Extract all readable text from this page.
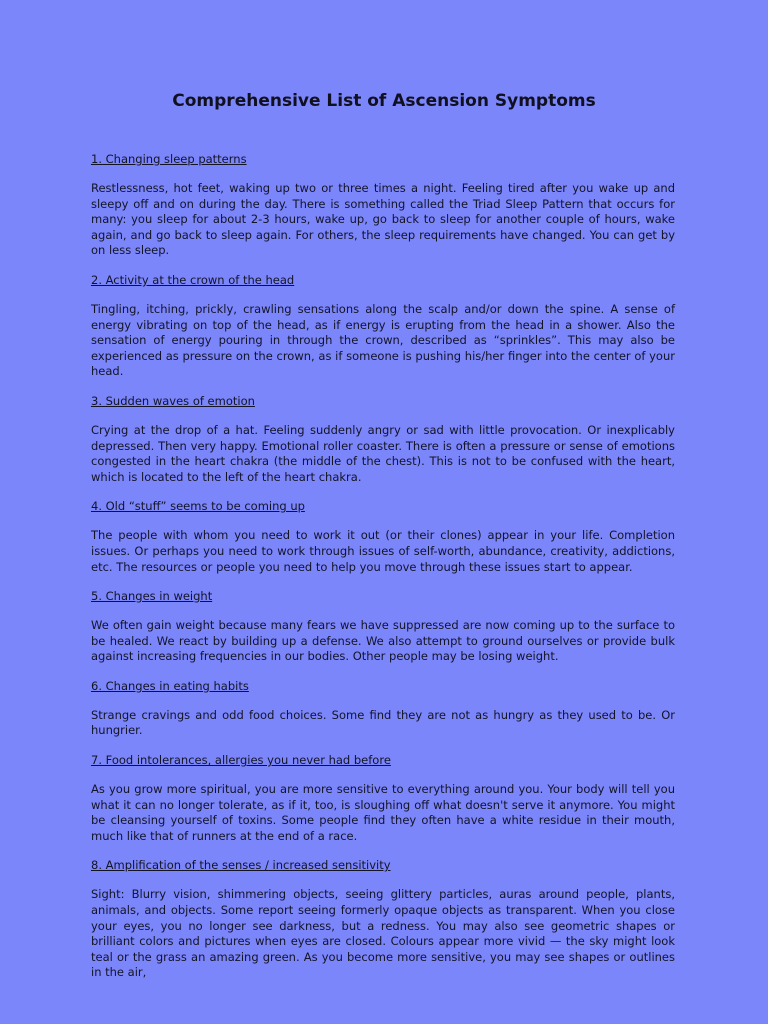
Comprehensive List of Ascension Symptoms

1. Changing sleep patterns

Restlessness, hot feet, waking up two or three times a night. Feeling tired after you wake up and sleepy off and on during the day. There is something called the Triad Sleep Pattern that occurs for many: you sleep for about 2-3 hours, wake up, go back to sleep for another couple of hours, wake again, and go back to sleep again. For others, the sleep requirements have changed. You can get by on less sleep.

2. Activity at the crown of the head

Tingling, itching, prickly, crawling sensations along the scalp and/or down the spine. A sense of energy vibrating on top of the head, as if energy is erupting from the head in a shower. Also the sensation of energy pouring in through the crown, described as “sprinkles”. This may also be experienced as pressure on the crown, as if someone is pushing his/her finger into the center of your head.

3. Sudden waves of emotion

Crying at the drop of a hat. Feeling suddenly angry or sad with little provocation. Or inexplicably depressed. Then very happy. Emotional roller coaster. There is often a pressure or sense of emotions congested in the heart chakra (the middle of the chest). This is not to be confused with the heart, which is located to the left of the heart chakra.

4. Old “stuff” seems to be coming up

The people with whom you need to work it out (or their clones) appear in your life. Completion issues. Or perhaps you need to work through issues of self-worth, abundance, creativity, addictions, etc. The resources or people you need to help you move through these issues start to appear.

5. Changes in weight

We often gain weight because many fears we have suppressed are now coming up to the surface to be healed. We react by building up a defense. We also attempt to ground ourselves or provide bulk against increasing frequencies in our bodies. Other people may be losing weight.

6. Changes in eating habits

Strange cravings and odd food choices. Some find they are not as hungry as they used to be. Or hungrier.

7. Food intolerances, allergies you never had before

As you grow more spiritual, you are more sensitive to everything around you. Your body will tell you what it can no longer tolerate, as if it, too, is sloughing off what doesn't serve it anymore. You might be cleansing yourself of toxins. Some people find they often have a white residue in their mouth, much like that of runners at the end of a race.

8. Amplification of the senses / increased sensitivity

Sight: Blurry vision, shimmering objects, seeing glittery particles, auras around people, plants, animals, and objects. Some report seeing formerly opaque objects as transparent. When you close your eyes, you no longer see darkness, but a redness. You may also see geometric shapes or brilliant colors and pictures when eyes are closed. Colours appear more vivid — the sky might look teal or the grass an amazing green. As you become more sensitive, you may see shapes or outlines in the air,
